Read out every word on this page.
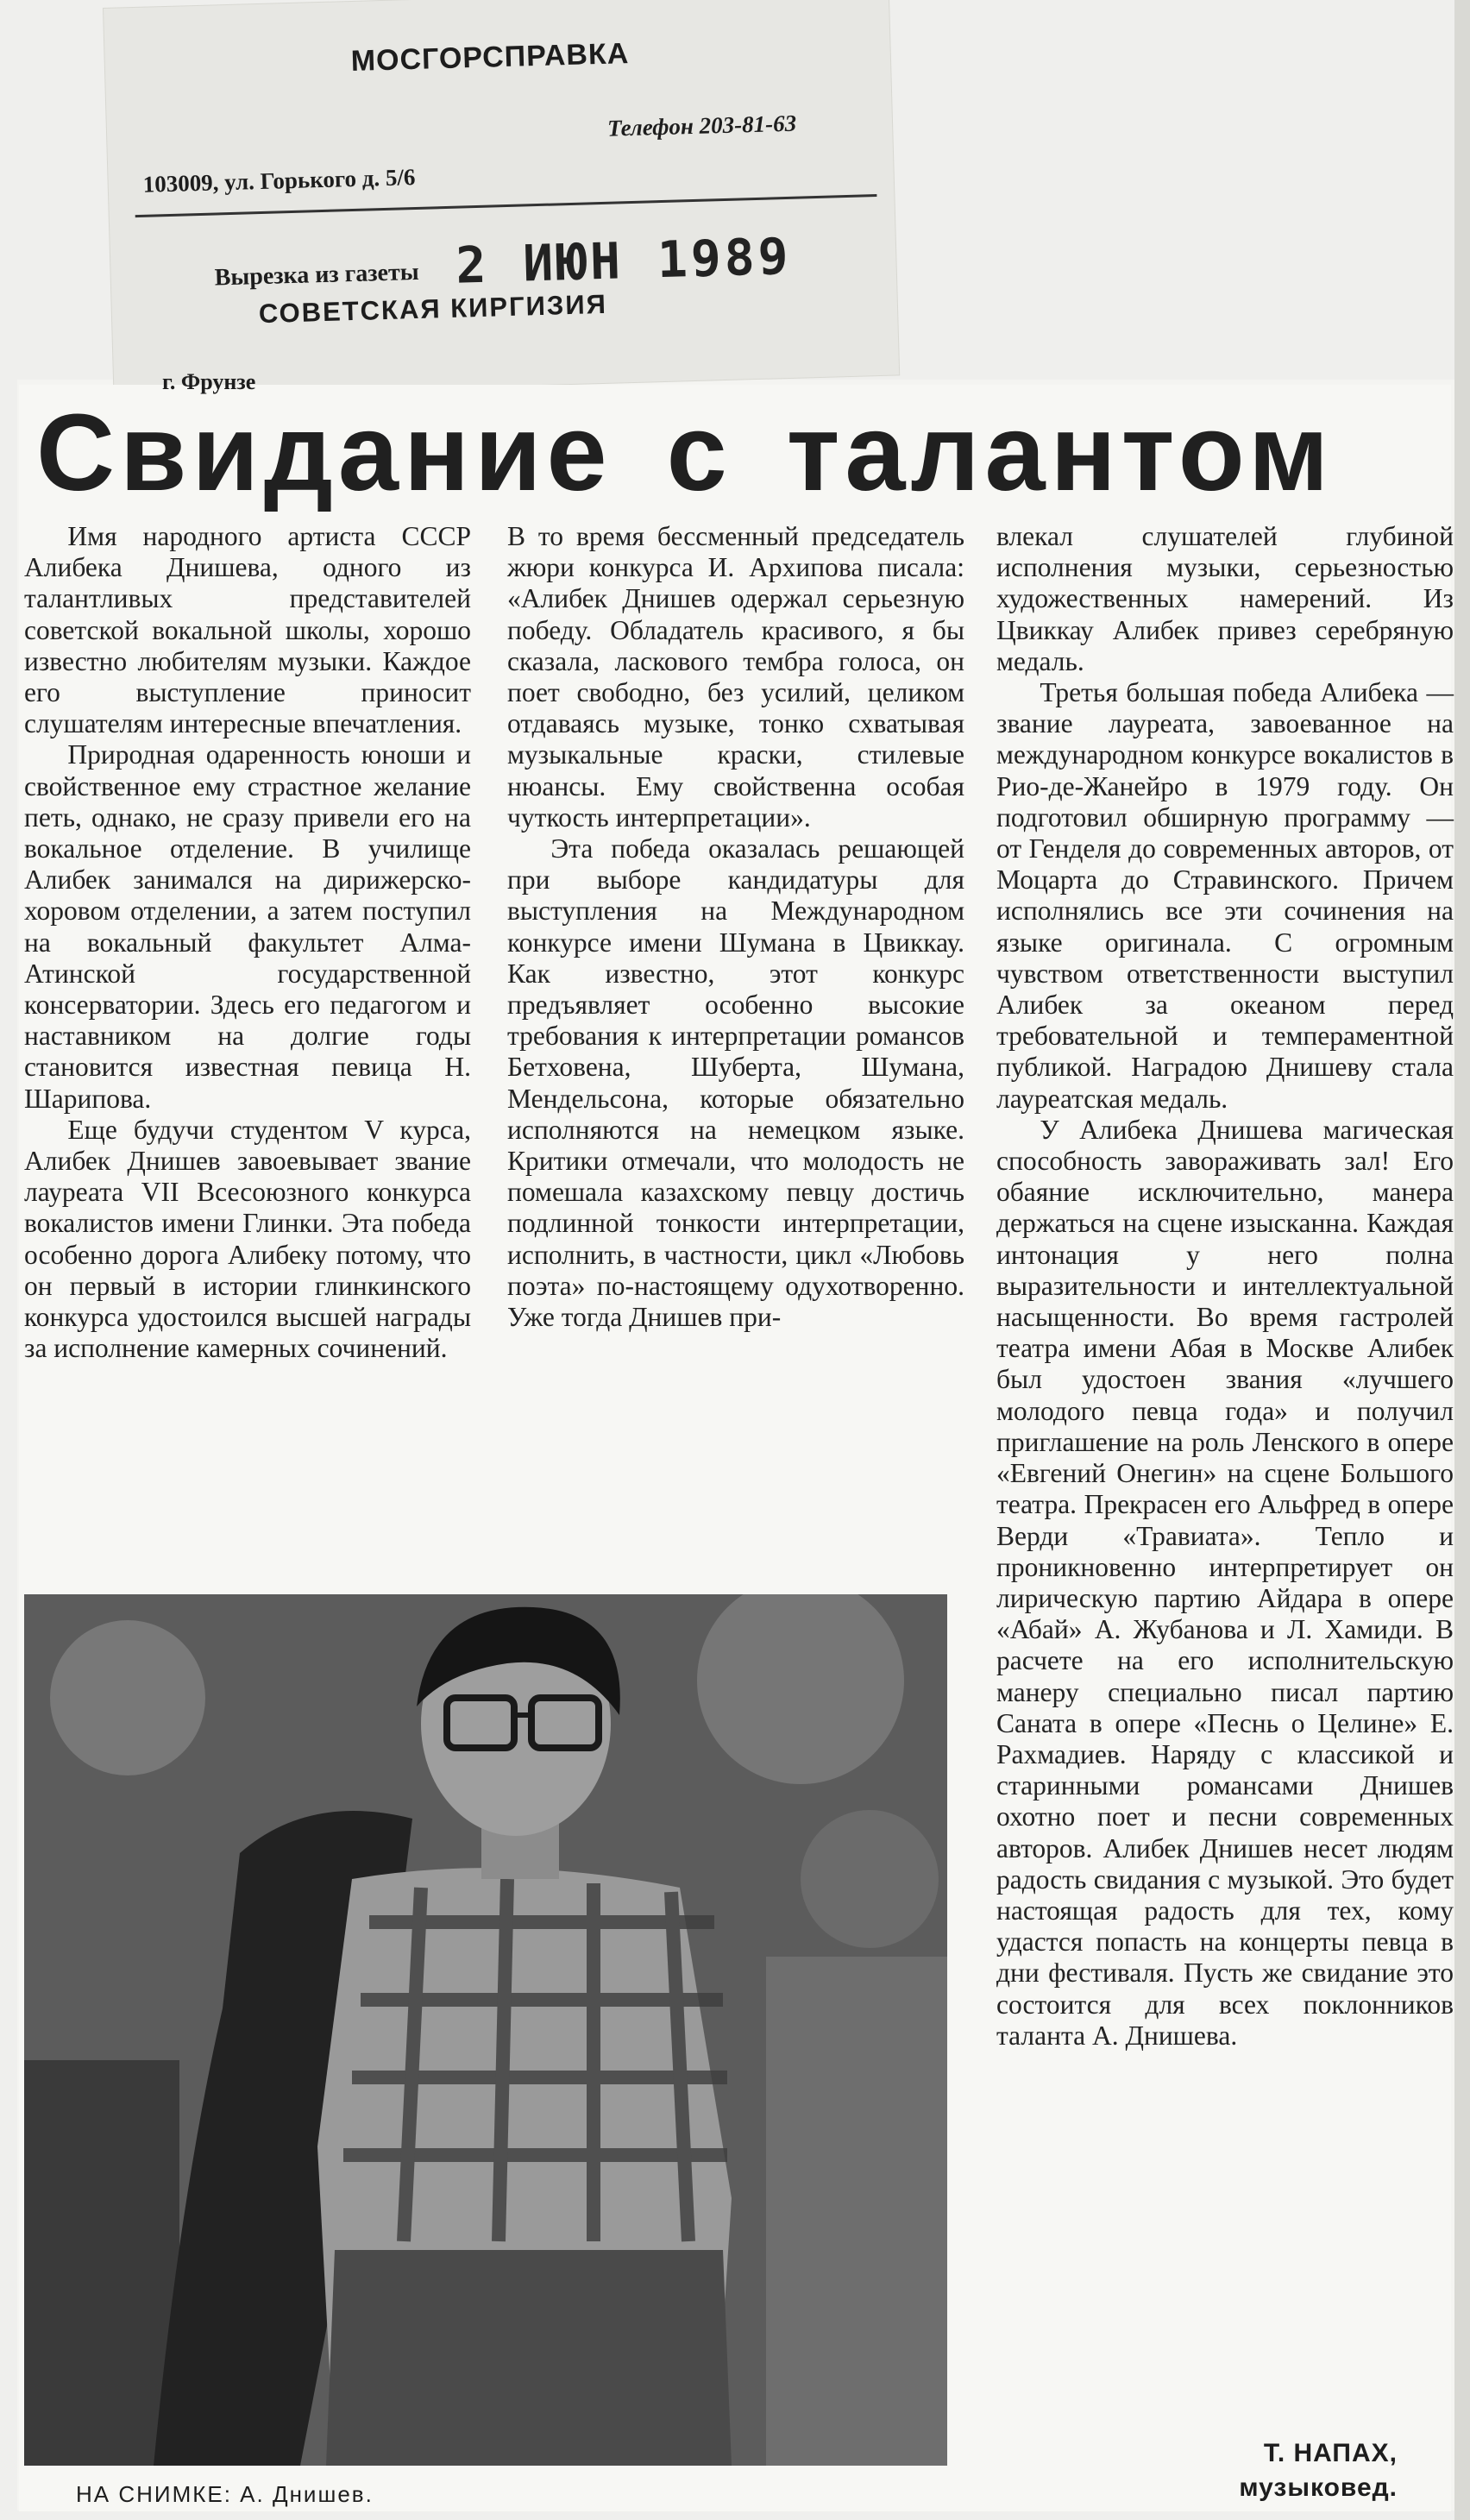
МОСГОРСПРАВКА
Телефон 203-81-63
103009, ул. Горького д. 5/6
Вырезка из газеты 2 ИЮН 1989
СОВЕТСКАЯ КИРГИЗИЯ
г. Фрунзе
Свидание с талантом

Имя народного артиста СССР Алибека Днишева, одного из талантливых представителей советской вокальной школы, хорошо известно любителям музыки. Каждое его выступление приносит слушателям интересные впечатления.

Природная одаренность юноши и свойственное ему страстное желание петь, однако, не сразу привели его на вокальное отделение. В училище Алибек занимался на дирижерско-хоровом отделении, а затем поступил на вокальный факультет Алма-Атинской государственной консерватории. Здесь его педагогом и наставником на долгие годы становится известная певица Н. Шарипова.

Еще будучи студентом V курса, Алибек Днишев завоевывает звание лауреата VII Всесоюзного конкурса вокалистов имени Глинки. Эта победа особенно дорога Алибеку потому, что он первый в истории глинкинского конкурса удостоился высшей награды за исполнение камерных сочинений.

В то время бессменный председатель жюри конкурса И. Архипова писала: «Алибек Днишев одержал серьезную победу. Обладатель красивого, я бы сказала, ласкового тембра голоса, он поет свободно, без усилий, целиком отдаваясь музыке, тонко схватывая музыкальные краски, стилевые нюансы. Ему свойственна особая чуткость интерпретации».

Эта победа оказалась решающей при выборе кандидатуры для выступления на Международном конкурсе имени Шумана в Цвиккау. Как известно, этот конкурс предъявляет особенно высокие требования к интерпретации романсов Бетховена, Шуберта, Шумана, Мендельсона, которые обязательно исполняются на немецком языке. Критики отмечали, что молодость не помешала казахскому певцу достичь подлинной тонкости интерпретации, исполнить, в частности, цикл «Любовь поэта» по-настоящему одухотворенно. Уже тогда Днишев при-

влекал слушателей глубиной исполнения музыки, серьезностью художественных намерений. Из Цвиккау Алибек привез серебряную медаль.

Третья большая победа Алибека — звание лауреата, завоеванное на международном конкурсе вокалистов в Рио-де-Жанейро в 1979 году. Он подготовил обширную программу — от Генделя до современных авторов, от Моцарта до Стравинского. Причем исполнялись все эти сочинения на языке оригинала. С огромным чувством ответственности выступил Алибек за океаном перед требовательной и темпераментной публикой. Наградою Днишеву стала лауреатская медаль.

У Алибека Днишева магическая способность завораживать зал! Его обаяние исключительно, манера держаться на сцене изысканна. Каждая интонация у него полна выразительности и интеллектуальной насыщенности. Во время гастролей театра имени Абая в Москве Алибек был удостоен звания «лучшего молодого певца года» и получил приглашение на роль Ленского в опере «Евгений Онегин» на сцене Большого театра. Прекрасен его Альфред в опере Верди «Травиата». Тепло и проникновенно интерпретирует он лирическую партию Айдара в опере «Абай» А. Жубанова и Л. Хамиди. В расчете на его исполнительскую манеру специально писал партию Саната в опере «Песнь о Целине» Е. Рахмадиев. Наряду с классикой и старинными романсами Днишев охотно поет и песни современных авторов. Алибек Днишев несет людям радость свидания с музыкой. Это будет настоящая радость для тех, кому удастся попасть на концерты певца в дни фестиваля. Пусть же свидание это состоится для всех поклонников таланта А. Днишева.

НА СНИМКЕ: А. Днишев.
Т. НАПАХ,
музыковед.
